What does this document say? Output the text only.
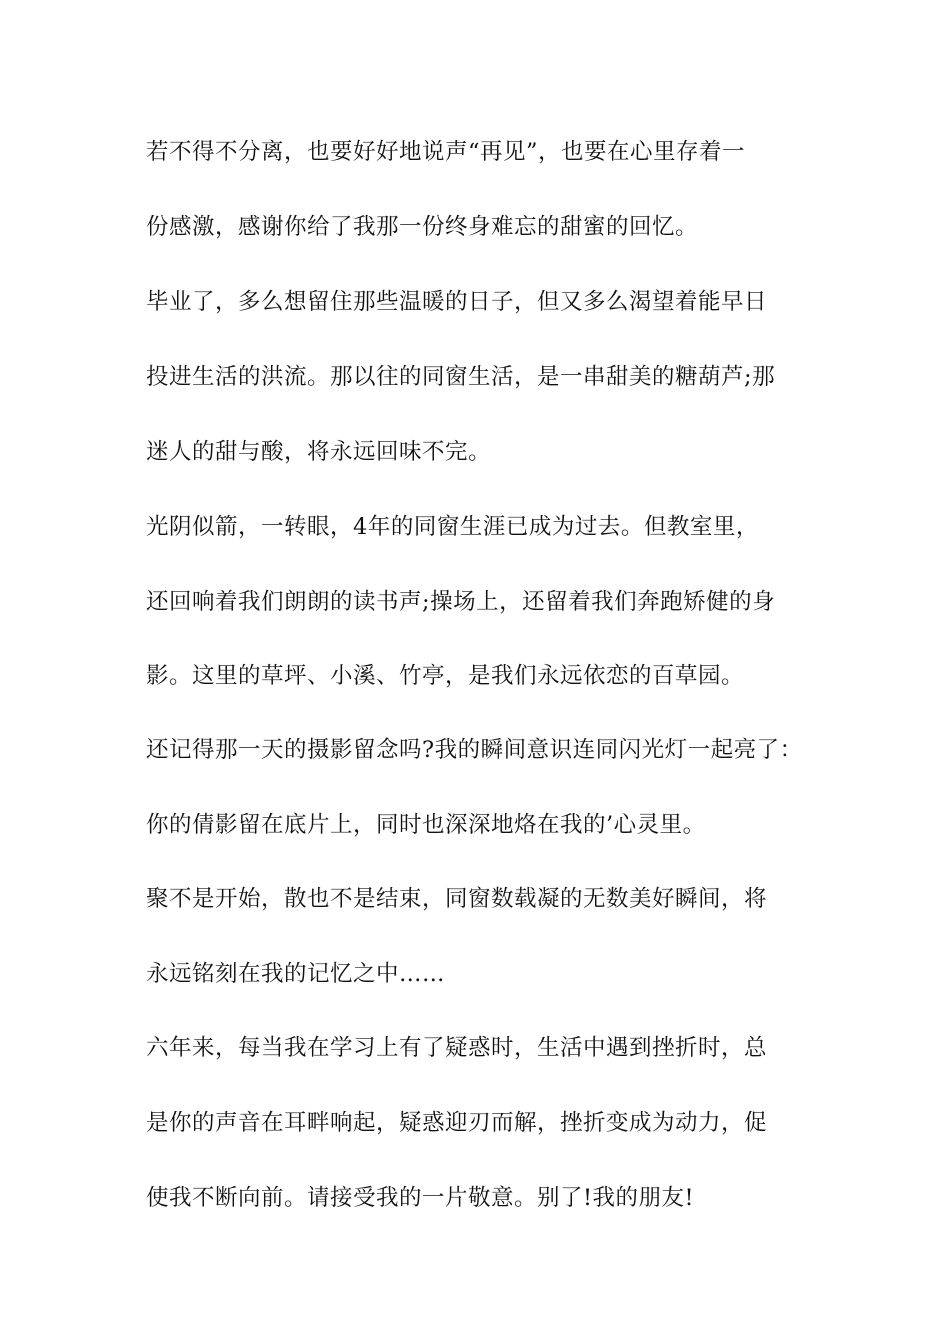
若不得不分离，也要好好地说声“再见”，也要在心里存着一
份感激，感谢你给了我那一份终身难忘的甜蜜的回忆。
毕业了，多么想留住那些温暖的日子，但又多么渴望着能早日
投进生活的洪流。那以往的同窗生活，是一串甜美的糖葫芦;那
迷人的甜与酸，将永远回味不完。
光阴似箭，一转眼，4年的同窗生涯已成为过去。但教室里，
还回响着我们朗朗的读书声;操场上，还留着我们奔跑矫健的身
影。这里的草坪、小溪、竹亭，是我们永远依恋的百草园。
还记得那一天的摄影留念吗?我的瞬间意识连同闪光灯一起亮了：
你的倩影留在底片上，同时也深深地烙在我的’心灵里。
聚不是开始，散也不是结束，同窗数载凝的无数美好瞬间，将
永远铭刻在我的记忆之中……
六年来，每当我在学习上有了疑惑时，生活中遇到挫折时，总
是你的声音在耳畔响起，疑惑迎刃而解，挫折变成为动力，促
使我不断向前。请接受我的一片敬意。别了!我的朋友!
